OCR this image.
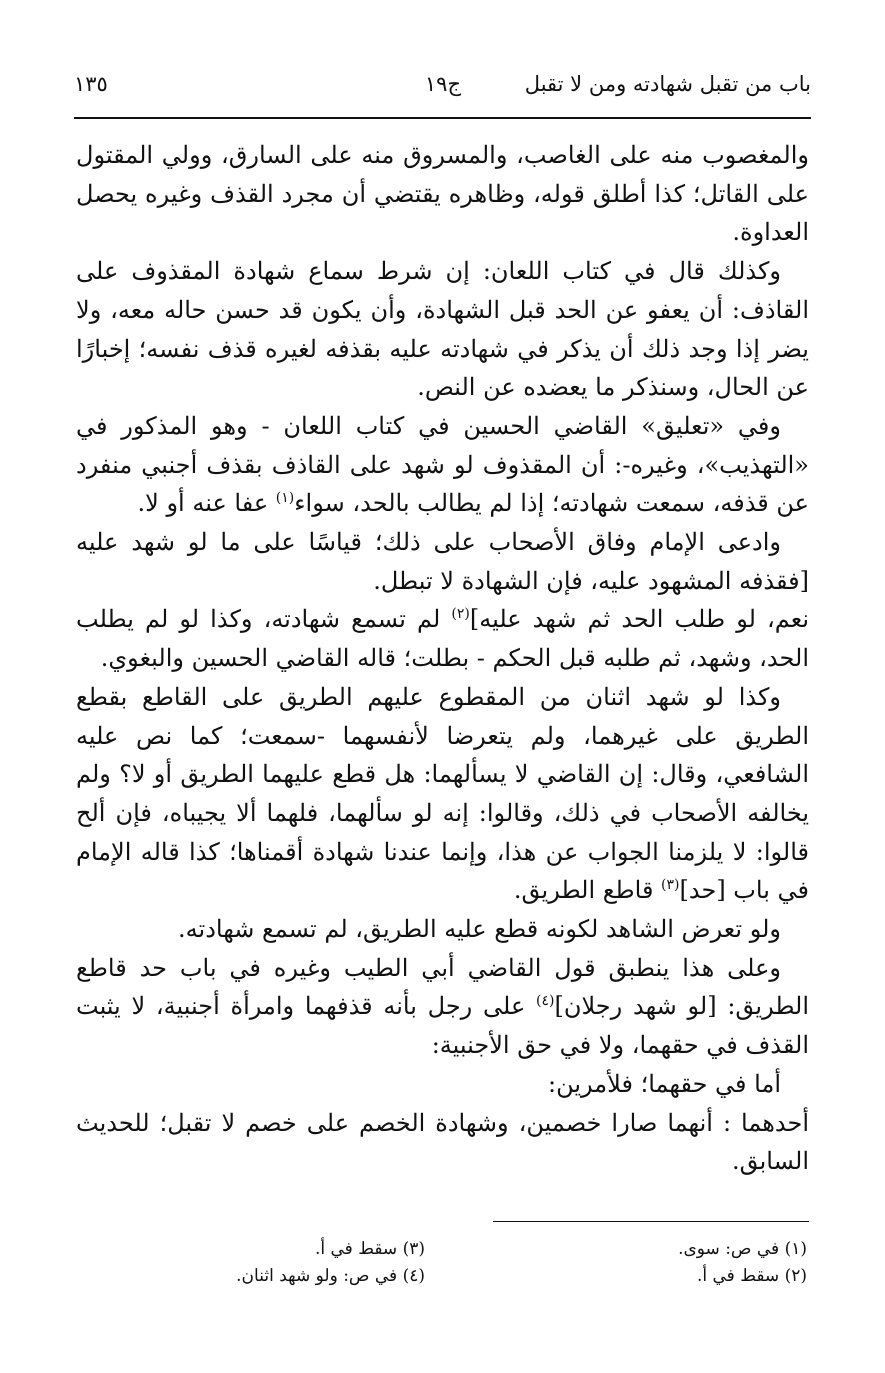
باب من تقبل شهادته ومن لا تقبل
ج١٩
١٣٥

والمغصوب منه على الغاصب، والمسروق منه على السارق، وولي المقتول على القاتل؛ كذا أطلق قوله، وظاهره يقتضي أن مجرد القذف وغيره يحصل العداوة.

وكذلك قال في كتاب اللعان: إن شرط سماع شهادة المقذوف على القاذف: أن يعفو عن الحد قبل الشهادة، وأن يكون قد حسن حاله معه، ولا يضر إذا وجد ذلك أن يذكر في شهادته عليه بقذفه لغيره قذف نفسه؛ إخبارًا عن الحال، وسنذكر ما يعضده عن النص.

وفي «تعليق» القاضي الحسين في كتاب اللعان - وهو المذكور في «التهذيب»، وغيره-: أن المقذوف لو شهد على القاذف بقذف أجنبي منفرد عن قذفه، سمعت شهادته؛ إذا لم يطالب بالحد، سواء$^{(١)}$ عفا عنه أو لا.

وادعى الإمام وفاق الأصحاب على ذلك؛ قياسًا على ما لو شهد عليه [فقذفه المشهود عليه، فإن الشهادة لا تبطل.

نعم، لو طلب الحد ثم شهد عليه]$^{(٢)}$ لم تسمع شهادته، وكذا لو لم يطلب الحد، وشهد، ثم طلبه قبل الحكم - بطلت؛ قاله القاضي الحسين والبغوي.

وكذا لو شهد اثنان من المقطوع عليهم الطريق على القاطع بقطع الطريق على غيرهما، ولم يتعرضا لأنفسهما -سمعت؛ كما نص عليه الشافعي، وقال: إن القاضي لا يسألهما: هل قطع عليهما الطريق أو لا؟ ولم يخالفه الأصحاب في ذلك، وقالوا: إنه لو سألهما، فلهما ألا يجيباه، فإن ألح قالوا: لا يلزمنا الجواب عن هذا، وإنما عندنا شهادة أقمناها؛ كذا قاله الإمام في باب [حد]$^{(٣)}$ قاطع الطريق.

ولو تعرض الشاهد لكونه قطع عليه الطريق، لم تسمع شهادته.

وعلى هذا ينطبق قول القاضي أبي الطيب وغيره في باب حد قاطع الطريق: [لو شهد رجلان]$^{(٤)}$ على رجل بأنه قذفهما وامرأة أجنبية، لا يثبت القذف في حقهما، ولا في حق الأجنبية:

أما في حقهما؛ فلأمرين:

أحدهما : أنهما صارا خصمين، وشهادة الخصم على خصم لا تقبل؛ للحديث السابق.

(١) في ص: سوى.
(٢) سقط في أ.
(٣) سقط في أ.
(٤) في ص: ولو شهد اثنان.
